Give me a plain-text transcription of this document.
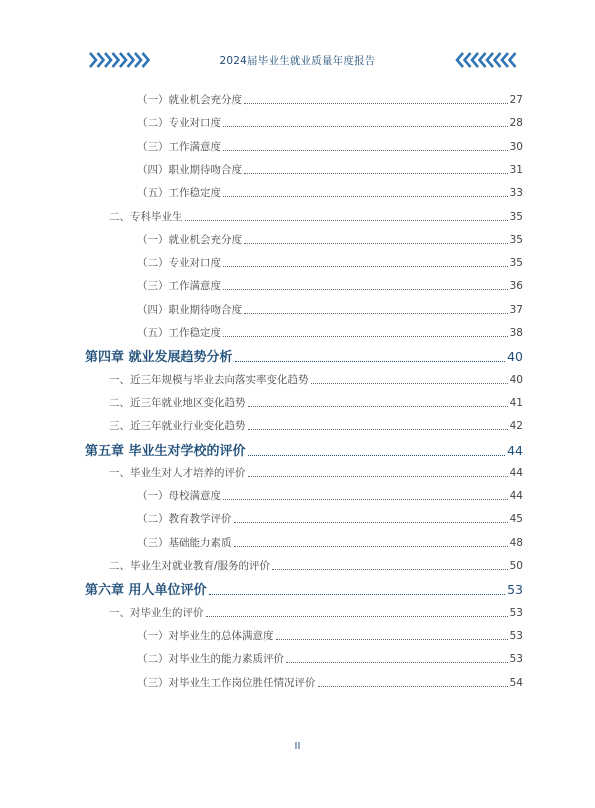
2024届毕业生就业质量年度报告
（一）就业机会充分度	27
（二）专业对口度	28
（三）工作满意度	30
（四）职业期待吻合度	31
（五）工作稳定度	33
二、专科毕业生	35
（一）就业机会充分度	35
（二）专业对口度	35
（三）工作满意度	36
（四）职业期待吻合度	37
（五）工作稳定度	38
第四章 就业发展趋势分析	40
一、近三年规模与毕业去向落实率变化趋势	40
二、近三年就业地区变化趋势	41
三、近三年就业行业变化趋势	42
第五章 毕业生对学校的评价	44
一、毕业生对人才培养的评价	44
（一）母校满意度	44
（二）教育教学评价	45
（三）基础能力素质	48
二、毕业生对就业教育/服务的评价	50
第六章 用人单位评价	53
一、对毕业生的评价	53
（一）对毕业生的总体满意度	53
（二）对毕业生的能力素质评价	53
（三）对毕业生工作岗位胜任情况评价	54
II
